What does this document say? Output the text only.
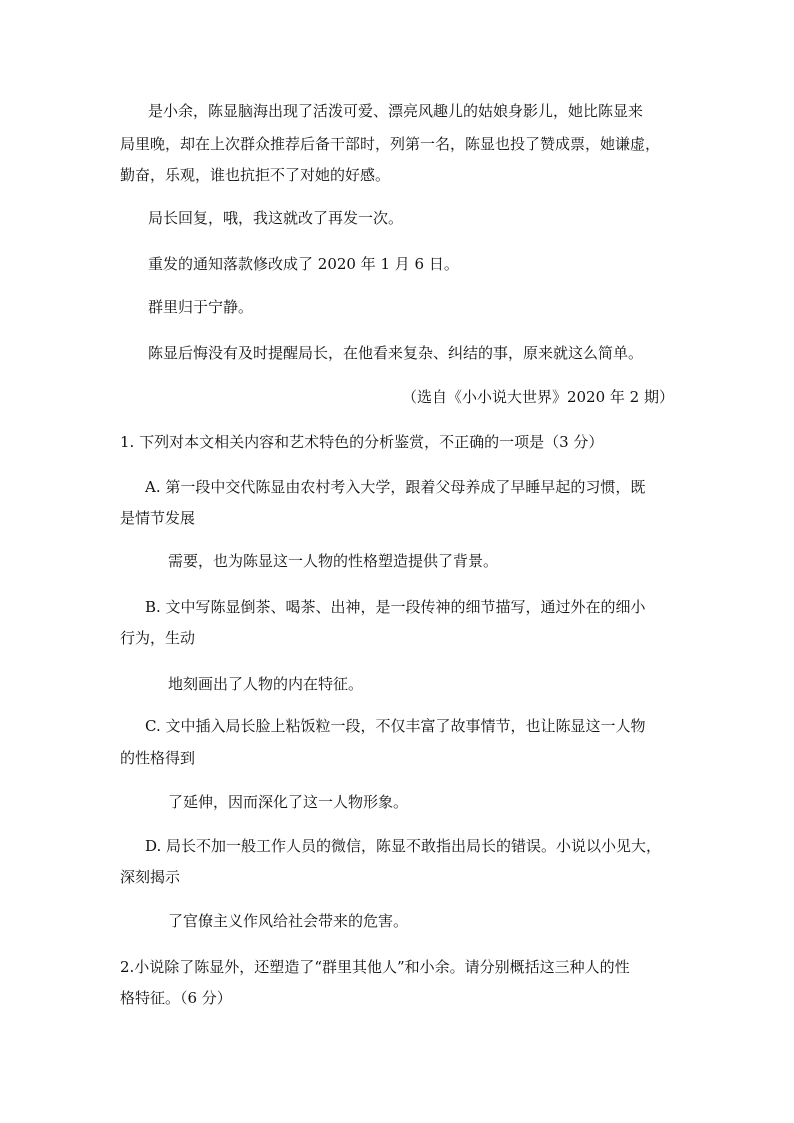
是小余，陈显脑海出现了活泼可爱、漂亮风趣儿的姑娘身影儿，她比陈显来
局里晚，却在上次群众推荐后备干部时，列第一名，陈显也投了赞成票，她谦虚，
勤奋，乐观，谁也抗拒不了对她的好感。
局长回复，哦，我这就改了再发一次。
重发的通知落款修改成了 2020 年 1 月 6 日。
群里归于宁静。
陈显后悔没有及时提醒局长，在他看来复杂、纠结的事，原来就这么简单。
（选自《小小说大世界》2020 年 2 期）
1. 下列对本文相关内容和艺术特色的分析鉴赏，不正确的一项是（3 分）
A. 第一段中交代陈显由农村考入大学，跟着父母养成了早睡早起的习惯，既
是情节发展
需要，也为陈显这一人物的性格塑造提供了背景。
B. 文中写陈显倒茶、喝茶、出神，是一段传神的细节描写，通过外在的细小
行为，生动
地刻画出了人物的内在特征。
C. 文中插入局长脸上粘饭粒一段，不仅丰富了故事情节，也让陈显这一人物
的性格得到
了延伸，因而深化了这一人物形象。
D. 局长不加一般工作人员的微信，陈显不敢指出局长的错误。小说以小见大，
深刻揭示
了官僚主义作风给社会带来的危害。
2.小说除了陈显外，还塑造了“群里其他人”和小余。请分别概括这三种人的性
格特征。（6 分）
